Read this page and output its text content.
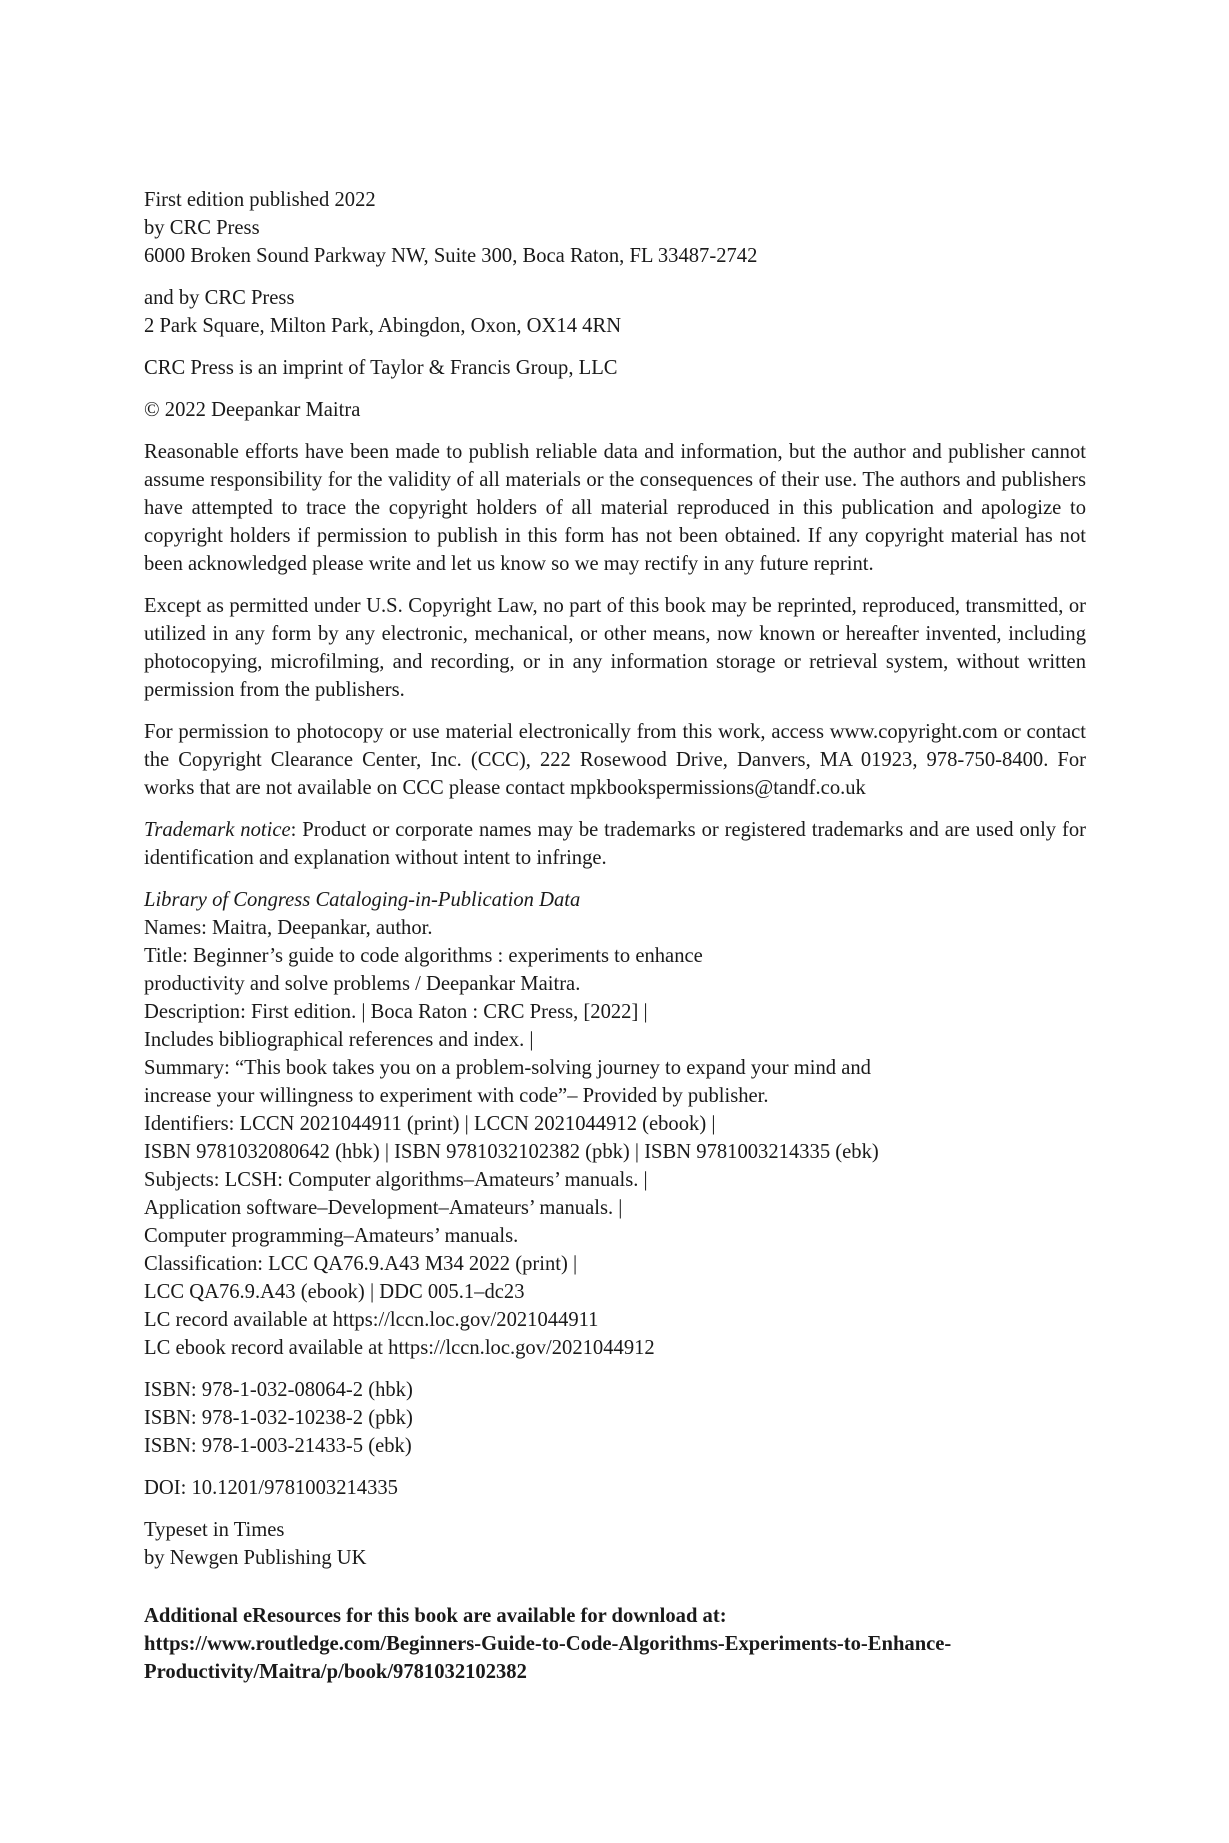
First edition published 2022
by CRC Press
6000 Broken Sound Parkway NW, Suite 300, Boca Raton, FL 33487-2742
and by CRC Press
2 Park Square, Milton Park, Abingdon, Oxon, OX14 4RN
CRC Press is an imprint of Taylor & Francis Group, LLC
© 2022 Deepankar Maitra

Reasonable efforts have been made to publish reliable data and information, but the author and publisher cannot assume responsibility for the validity of all materials or the consequences of their use. The authors and publishers have attempted to trace the copyright holders of all material reproduced in this publication and apologize to copyright holders if permission to publish in this form has not been obtained. If any copyright material has not been acknowledged please write and let us know so we may rectify in any future reprint.

Except as permitted under U.S. Copyright Law, no part of this book may be reprinted, reproduced, transmitted, or utilized in any form by any electronic, mechanical, or other means, now known or hereafter invented, including photocopying, microfilming, and recording, or in any information storage or retrieval system, without written permission from the publishers.

For permission to photocopy or use material electronically from this work, access www.copyright.com or contact the Copyright Clearance Center, Inc. (CCC), 222 Rosewood Drive, Danvers, MA 01923, 978-750-8400. For works that are not available on CCC please contact mpkbookspermissions@tandf.co.uk

Trademark notice: Product or corporate names may be trademarks or registered trademarks and are used only for identification and explanation without intent to infringe.

Library of Congress Cataloging-in-Publication Data
Names: Maitra, Deepankar, author.
Title: Beginner’s guide to code algorithms : experiments to enhance
productivity and solve problems / Deepankar Maitra.
Description: First edition. | Boca Raton : CRC Press, [2022] |
Includes bibliographical references and index. |
Summary: “This book takes you on a problem-solving journey to expand your mind and
increase your willingness to experiment with code”– Provided by publisher.
Identifiers: LCCN 2021044911 (print) | LCCN 2021044912 (ebook) |
ISBN 9781032080642 (hbk) | ISBN 9781032102382 (pbk) | ISBN 9781003214335 (ebk)
Subjects: LCSH: Computer algorithms–Amateurs’ manuals. |
Application software–Development–Amateurs’ manuals. |
Computer programming–Amateurs’ manuals.
Classification: LCC QA76.9.A43 M34 2022 (print) |
LCC QA76.9.A43 (ebook) | DDC 005.1–dc23
LC record available at https://lccn.loc.gov/2021044911
LC ebook record available at https://lccn.loc.gov/2021044912
ISBN: 978-1-032-08064-2 (hbk)
ISBN: 978-1-032-10238-2 (pbk)
ISBN: 978-1-003-21433-5 (ebk)
DOI: 10.1201/9781003214335
Typeset in Times
by Newgen Publishing UK
Additional eResources for this book are available for download at:
https://www.routledge.com/Beginners-Guide-to-Code-Algorithms-Experiments-to-Enhance-
Productivity/Maitra/p/book/9781032102382
